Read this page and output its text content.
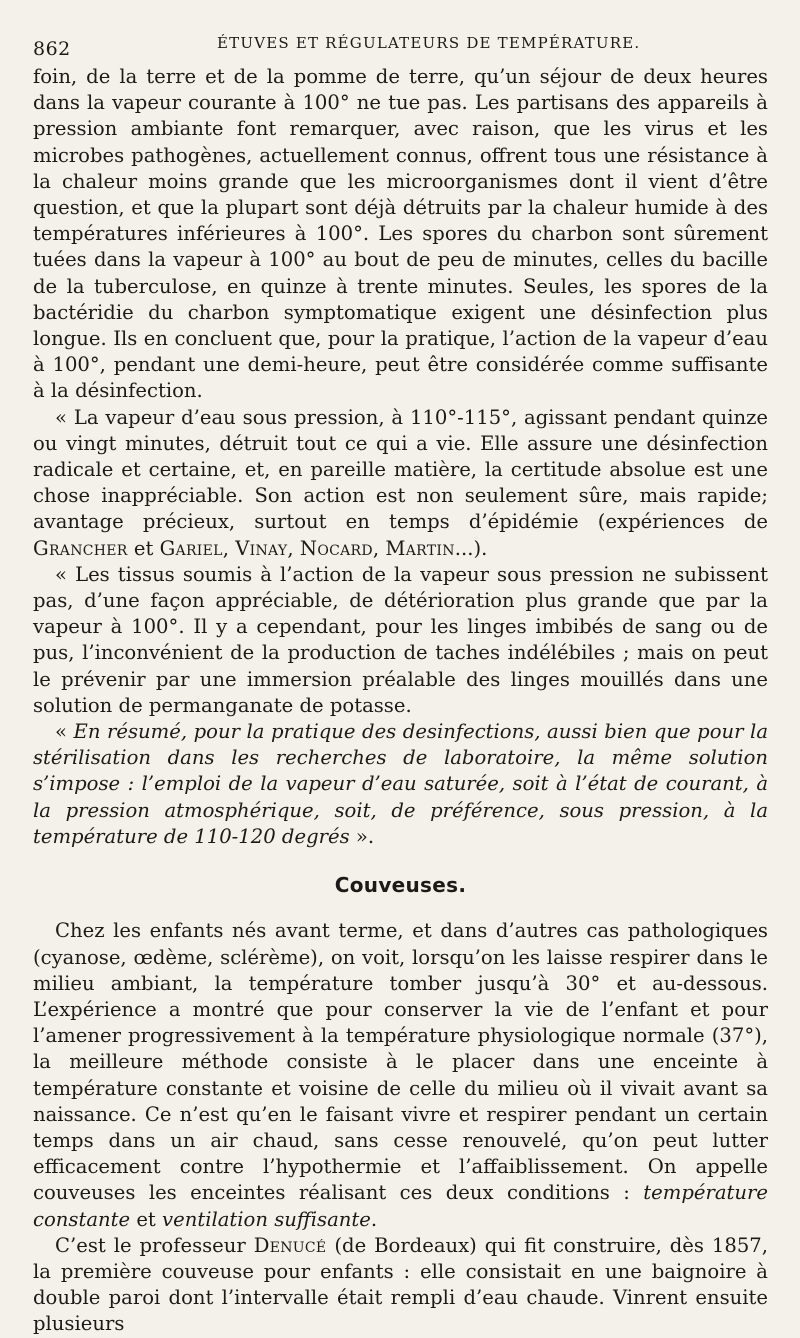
862	ÉTUVES ET RÉGULATEURS DE TEMPÉRATURE.

foin, de la terre et de la pomme de terre, qu’un séjour de deux heures dans la vapeur courante à 100° ne tue pas. Les partisans des appareils à pression ambiante font remarquer, avec raison, que les virus et les microbes pathogènes, actuellement connus, offrent tous une résistance à la chaleur moins grande que les microorganismes dont il vient d’être question, et que la plupart sont déjà détruits par la chaleur humide à des températures inférieures à 100°. Les spores du charbon sont sûrement tuées dans la vapeur à 100° au bout de peu de minutes, celles du bacille de la tuberculose, en quinze à trente minutes. Seules, les spores de la bactéridie du charbon symptomatique exigent une désinfection plus longue. Ils en concluent que, pour la pratique, l’action de la vapeur d’eau à 100°, pendant une demi-heure, peut être considérée comme suffisante à la désinfection.

« La vapeur d’eau sous pression, à 110°-115°, agissant pendant quinze ou vingt minutes, détruit tout ce qui a vie. Elle assure une désinfection radicale et certaine, et, en pareille matière, la certitude absolue est une chose inappréciable. Son action est non seulement sûre, mais rapide; avantage précieux, surtout en temps d’épidémie (expériences de Grancher et Gariel, Vinay, Nocard, Martin...).

« Les tissus soumis à l’action de la vapeur sous pression ne subissent pas, d’une façon appréciable, de détérioration plus grande que par la vapeur à 100°. Il y a cependant, pour les linges imbibés de sang ou de pus, l’inconvénient de la production de taches indélébiles ; mais on peut le prévenir par une immersion préalable des linges mouillés dans une solution de permanganate de potasse.

« En résumé, pour la pratique des desinfections, aussi bien que pour la stérilisation dans les recherches de laboratoire, la même solution s’impose : l’emploi de la vapeur d’eau saturée, soit à l’état de courant, à la pression atmosphérique, soit, de préférence, sous pression, à la température de 110-120 degrés ».

Couveuses.

Chez les enfants nés avant terme, et dans d’autres cas pathologiques (cyanose, œdème, sclérème), on voit, lorsqu’on les laisse respirer dans le milieu ambiant, la température tomber jusqu’à 30° et au-dessous. L’expérience a montré que pour conserver la vie de l’enfant et pour l’amener progressivement à la température physiologique normale (37°), la meilleure méthode consiste à le placer dans une enceinte à température constante et voisine de celle du milieu où il vivait avant sa naissance. Ce n’est qu’en le faisant vivre et respirer pendant un certain temps dans un air chaud, sans cesse renouvelé, qu’on peut lutter efficacement contre l’hypothermie et l’affaiblissement. On appelle couveuses les enceintes réalisant ces deux conditions : température constante et ventilation suffisante.

C’est le professeur Denucé (de Bordeaux) qui fit construire, dès 1857, la première couveuse pour enfants : elle consistait en une baignoire à double paroi dont l’intervalle était rempli d’eau chaude. Vinrent ensuite plusieurs
